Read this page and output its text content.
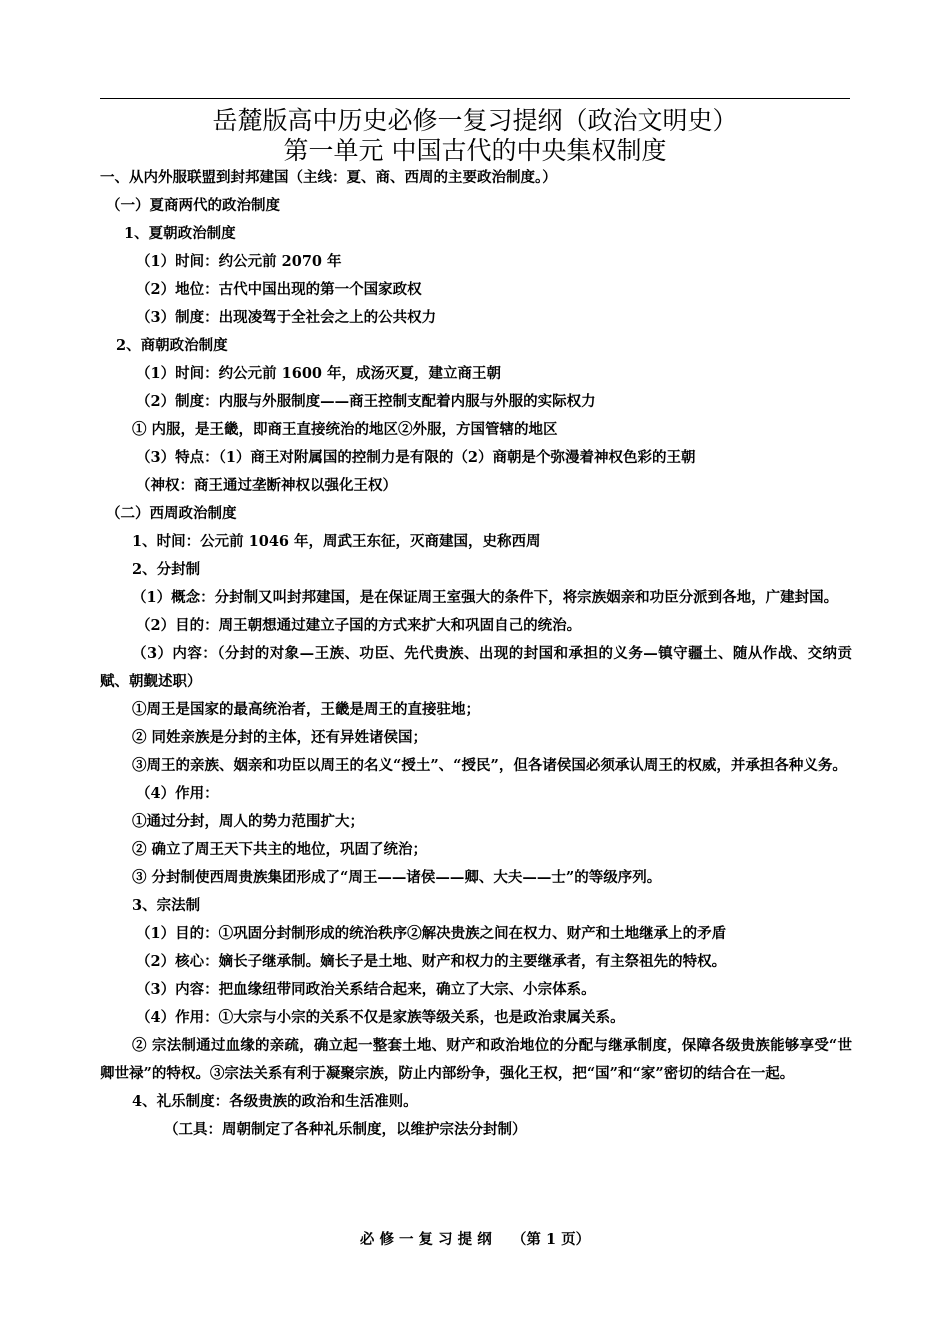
岳麓版高中历史必修一复习提纲（政治文明史）
第一单元 中国古代的中央集权制度
一、从内外服联盟到封邦建国（主线：夏、商、西周的主要政治制度。）
（一）夏商两代的政治制度
1、夏朝政治制度
（1）时间：约公元前 2070 年
（2）地位：古代中国出现的第一个国家政权
（3）制度：出现凌驾于全社会之上的公共权力
2、商朝政治制度
（1）时间：约公元前 1600 年，成汤灭夏，建立商王朝
（2）制度：内服与外服制度——商王控制支配着内服与外服的实际权力
① 内服，是王畿，即商王直接统治的地区②外服，方国管辖的地区
（3）特点：（1）商王对附属国的控制力是有限的（2）商朝是个弥漫着神权色彩的王朝
（神权：商王通过垄断神权以强化王权）
（二）西周政治制度
1、时间：公元前 1046 年，周武王东征，灭商建国，史称西周
2、分封制
（1）概念：分封制又叫封邦建国，是在保证周王室强大的条件下，将宗族姻亲和功臣分派到各地，广建封国。
（2）目的：周王朝想通过建立子国的方式来扩大和巩固自己的统治。
（3）内容：（分封的对象—王族、功臣、先代贵族、出现的封国和承担的义务—镇守疆土、随从作战、交纳贡赋、朝觐述职）
①周王是国家的最高统治者，王畿是周王的直接驻地；
② 同姓亲族是分封的主体，还有异姓诸侯国；
③周王的亲族、姻亲和功臣以周王的名义“授土”、“授民”，但各诸侯国必须承认周王的权威，并承担各种义务。
（4）作用：
①通过分封，周人的势力范围扩大；
② 确立了周王天下共主的地位，巩固了统治；
③ 分封制使西周贵族集团形成了“周王——诸侯——卿、大夫——士”的等级序列。
3、宗法制
（1）目的：①巩固分封制形成的统治秩序②解决贵族之间在权力、财产和土地继承上的矛盾
（2）核心：嫡长子继承制。嫡长子是土地、财产和权力的主要继承者，有主祭祖先的特权。
（3）内容：把血缘纽带同政治关系结合起来，确立了大宗、小宗体系。
（4）作用：①大宗与小宗的关系不仅是家族等级关系，也是政治隶属关系。
② 宗法制通过血缘的亲疏，确立起一整套土地、财产和政治地位的分配与继承制度，保障各级贵族能够享受“世卿世禄”的特权。③宗法关系有利于凝聚宗族，防止内部纷争，强化王权，把“国”和“家”密切的结合在一起。
4、礼乐制度：各级贵族的政治和生活准则。
（工具：周朝制定了各种礼乐制度，以维护宗法分封制）
必 修 一 复 习 提 纲 （第 1 页）
